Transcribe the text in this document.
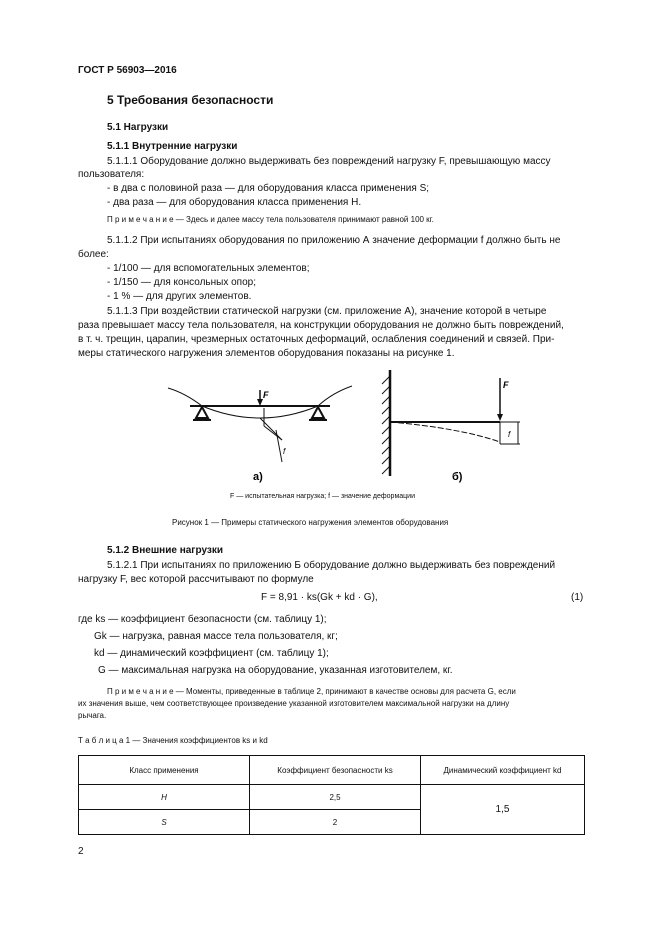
ГОСТ Р 56903—2016
5 Требования безопасности
5.1 Нагрузки
5.1.1 Внутренние нагрузки
5.1.1.1 Оборудование должно выдерживать без повреждений нагрузку F, превышающую массу
пользователя:
- в два с половиной раза — для оборудования класса применения S;
- два раза — для оборудования класса применения H.
П р и м е ч а н и е — Здесь и далее массу тела пользователя принимают равной 100 кг.
5.1.1.2 При испытаниях оборудования по приложению А значение деформации f должно быть не
более:
- 1/100 — для вспомогательных элементов;
- 1/150 — для консольных опор;
- 1 % — для других элементов.
5.1.1.3 При воздействии статической нагрузки (см. приложение А), значение которой в четыре
раза превышает массу тела пользователя, на конструкции оборудования не должно быть повреждений,
в т. ч. трещин, царапин, чрезмерных остаточных деформаций, ослабления соединений и связей. При-
меры статического нагружения элементов оборудования показаны на рисунке 1.
F
f
а)
F
f
б)
F — испытательная нагрузка; f — значение деформации
Рисунок 1 — Примеры статического нагружения элементов оборудования
5.1.2 Внешние нагрузки
5.1.2.1 При испытаниях по приложению Б оборудование должно выдерживать без повреждений
нагрузку F, вес которой рассчитывают по формуле
F = 8,91 · ks(Gk + kd · G),	(1)
где ks — коэффициент безопасности (см. таблицу 1);
Gk — нагрузка, равная массе тела пользователя, кг;
kd — динамический коэффициент (см. таблицу 1);
G — максимальная нагрузка на оборудование, указанная изготовителем, кг.
П р и м е ч а н и е — Моменты, приведенные в таблице 2, принимают в качестве основы для расчета G, если
их значения выше, чем соответствующее произведение указанной изготовителем максимальной нагрузки на длину
рычага.
Т а б л и ц а 1 — Значения коэффициентов ks и kd
Класс применения	Коэффициент безопасности ks	Динамический коэффициент kd
H	2,5	1,5
S	2	
2
